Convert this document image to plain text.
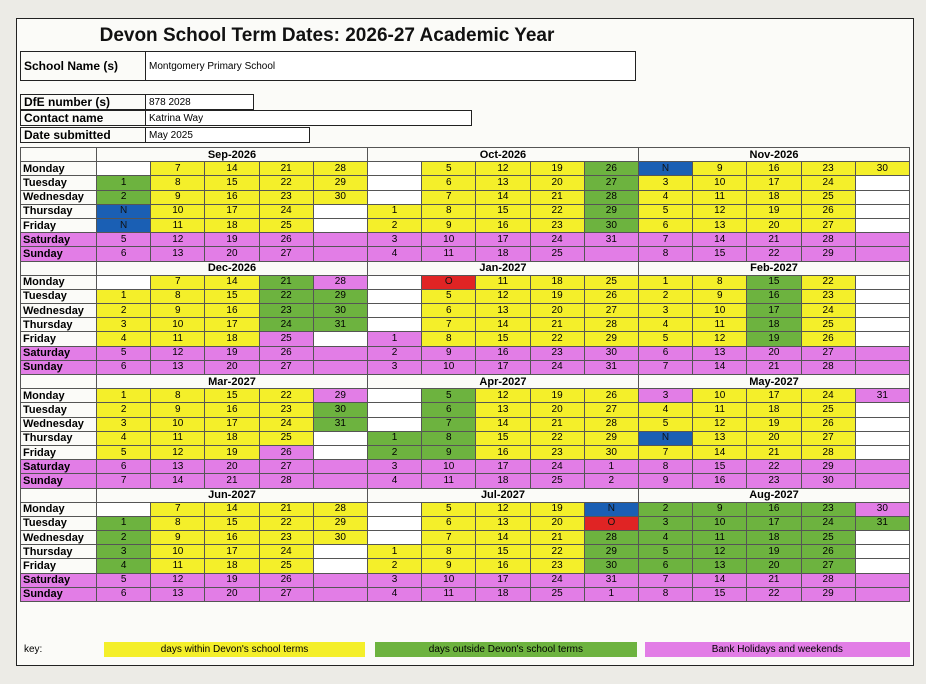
Devon School Term Dates: 2026-27 Academic Year
School Name (s)	Montgomery Primary School
DfE number (s)	878 2028
Contact name	Katrina Way
Date submitted	May 2025
	Sep-2026					Oct-2026					Nov-2026				
Monday		7	14	21	28		5	12	19	26	N	9	16	23	30
Tuesday	1	8	15	22	29		6	13	20	27	3	10	17	24	
Wednesday	2	9	16	23	30		7	14	21	28	4	11	18	25	
Thursday	N	10	17	24		1	8	15	22	29	5	12	19	26	
Friday	N	11	18	25		2	9	16	23	30	6	13	20	27	
Saturday	5	12	19	26		3	10	17	24	31	7	14	21	28	
Sunday	6	13	20	27		4	11	18	25		8	15	22	29	
	Dec-2026					Jan-2027					Feb-2027				
Monday		7	14	21	28		O	11	18	25	1	8	15	22	
Tuesday	1	8	15	22	29		5	12	19	26	2	9	16	23	
Wednesday	2	9	16	23	30		6	13	20	27	3	10	17	24	
Thursday	3	10	17	24	31		7	14	21	28	4	11	18	25	
Friday	4	11	18	25		1	8	15	22	29	5	12	19	26	
Saturday	5	12	19	26		2	9	16	23	30	6	13	20	27	
Sunday	6	13	20	27		3	10	17	24	31	7	14	21	28	
	Mar-2027					Apr-2027					May-2027				
Monday	1	8	15	22	29		5	12	19	26	3	10	17	24	31
Tuesday	2	9	16	23	30		6	13	20	27	4	11	18	25	
Wednesday	3	10	17	24	31		7	14	21	28	5	12	19	26	
Thursday	4	11	18	25		1	8	15	22	29	N	13	20	27	
Friday	5	12	19	26		2	9	16	23	30	7	14	21	28	
Saturday	6	13	20	27		3	10	17	24	1	8	15	22	29	
Sunday	7	14	21	28		4	11	18	25	2	9	16	23	30	
	Jun-2027					Jul-2027					Aug-2027				
Monday		7	14	21	28		5	12	19	N	2	9	16	23	30
Tuesday	1	8	15	22	29		6	13	20	O	3	10	17	24	31
Wednesday	2	9	16	23	30		7	14	21	28	4	11	18	25	
Thursday	3	10	17	24		1	8	15	22	29	5	12	19	26	
Friday	4	11	18	25		2	9	16	23	30	6	13	20	27	
Saturday	5	12	19	26		3	10	17	24	31	7	14	21	28	
Sunday	6	13	20	27		4	11	18	25	1	8	15	22	29	
key:	days within Devon's school terms	days outside Devon's school terms	Bank Holidays and weekends
